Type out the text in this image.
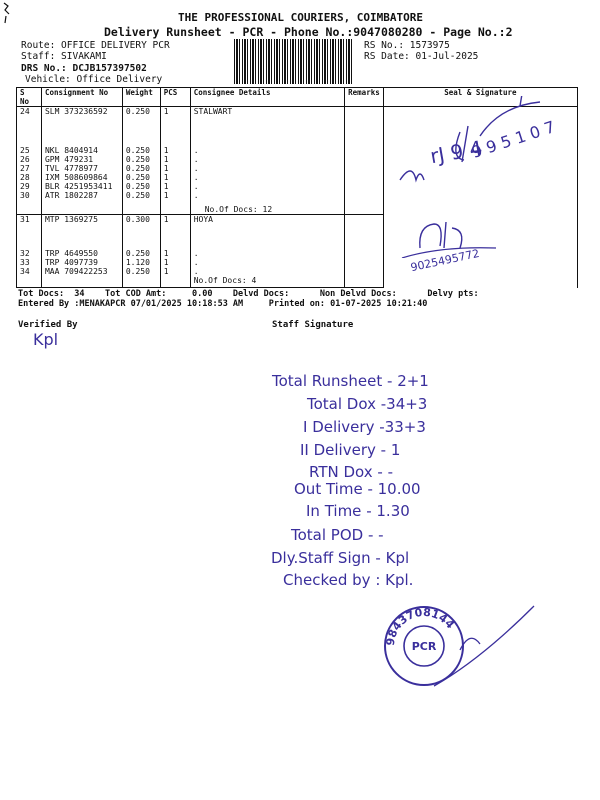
THE PROFESSIONAL COURIERS, COIMBATORE
Delivery Runsheet - PCR - Phone No.:9047080280 - Page No.:2
Route: OFFICE DELIVERY PCR
Staff: SIVAKAMI
DRS No.: DCJB157397502
Vehicle: Office Delivery
RS No.: 1573975
RS Date: 01-Jul-2025
S No	Consignment No	Weight	PCS	Consignee Details	Remarks	Seal & Signature
24	SLM 373236592	0.250	1	STALWART		
25	NKL 8404914	0.250	1	.		
26	GPM 479231	0.250	1	.		
27	TVL 4778977	0.250	1	.		
28	IXM 508609864	0.250	1	.		
29	BLR 4251953411	0.250	1	.		
30	ATR 1802287	0.250	1	.		
				No.Of Docs: 12		
31	MTP 1369275	0.300	1	HOYA		
32	TRP 4649550	0.250	1	.		
33	TRP 4097739	1.120	1	.		
34	MAA 709422253	0.250	1	.		
				No.Of Docs: 4		
Tot Docs:  34    Tot COD Amt:     0.00    Delvd Docs:      Non Delvd Docs:      Delvy pts:
Entered By :MENAKAPCR 07/01/2025 10:18:53 AM     Printed on: 01-07-2025 10:21:40
Verified By
Kpl
Staff Signature
9 9 5 1 0 7
rJ 9 4
9025495772
Total Runsheet - 2+1
Total Dox -34+3
I Delivery -33+3
II Delivery - 1
RTN Dox - -
Out Time - 10.00
In Time - 1.30
Total POD - -
Dly.Staff Sign - Kpl
Checked by : Kpl.
9843708144
PCR
